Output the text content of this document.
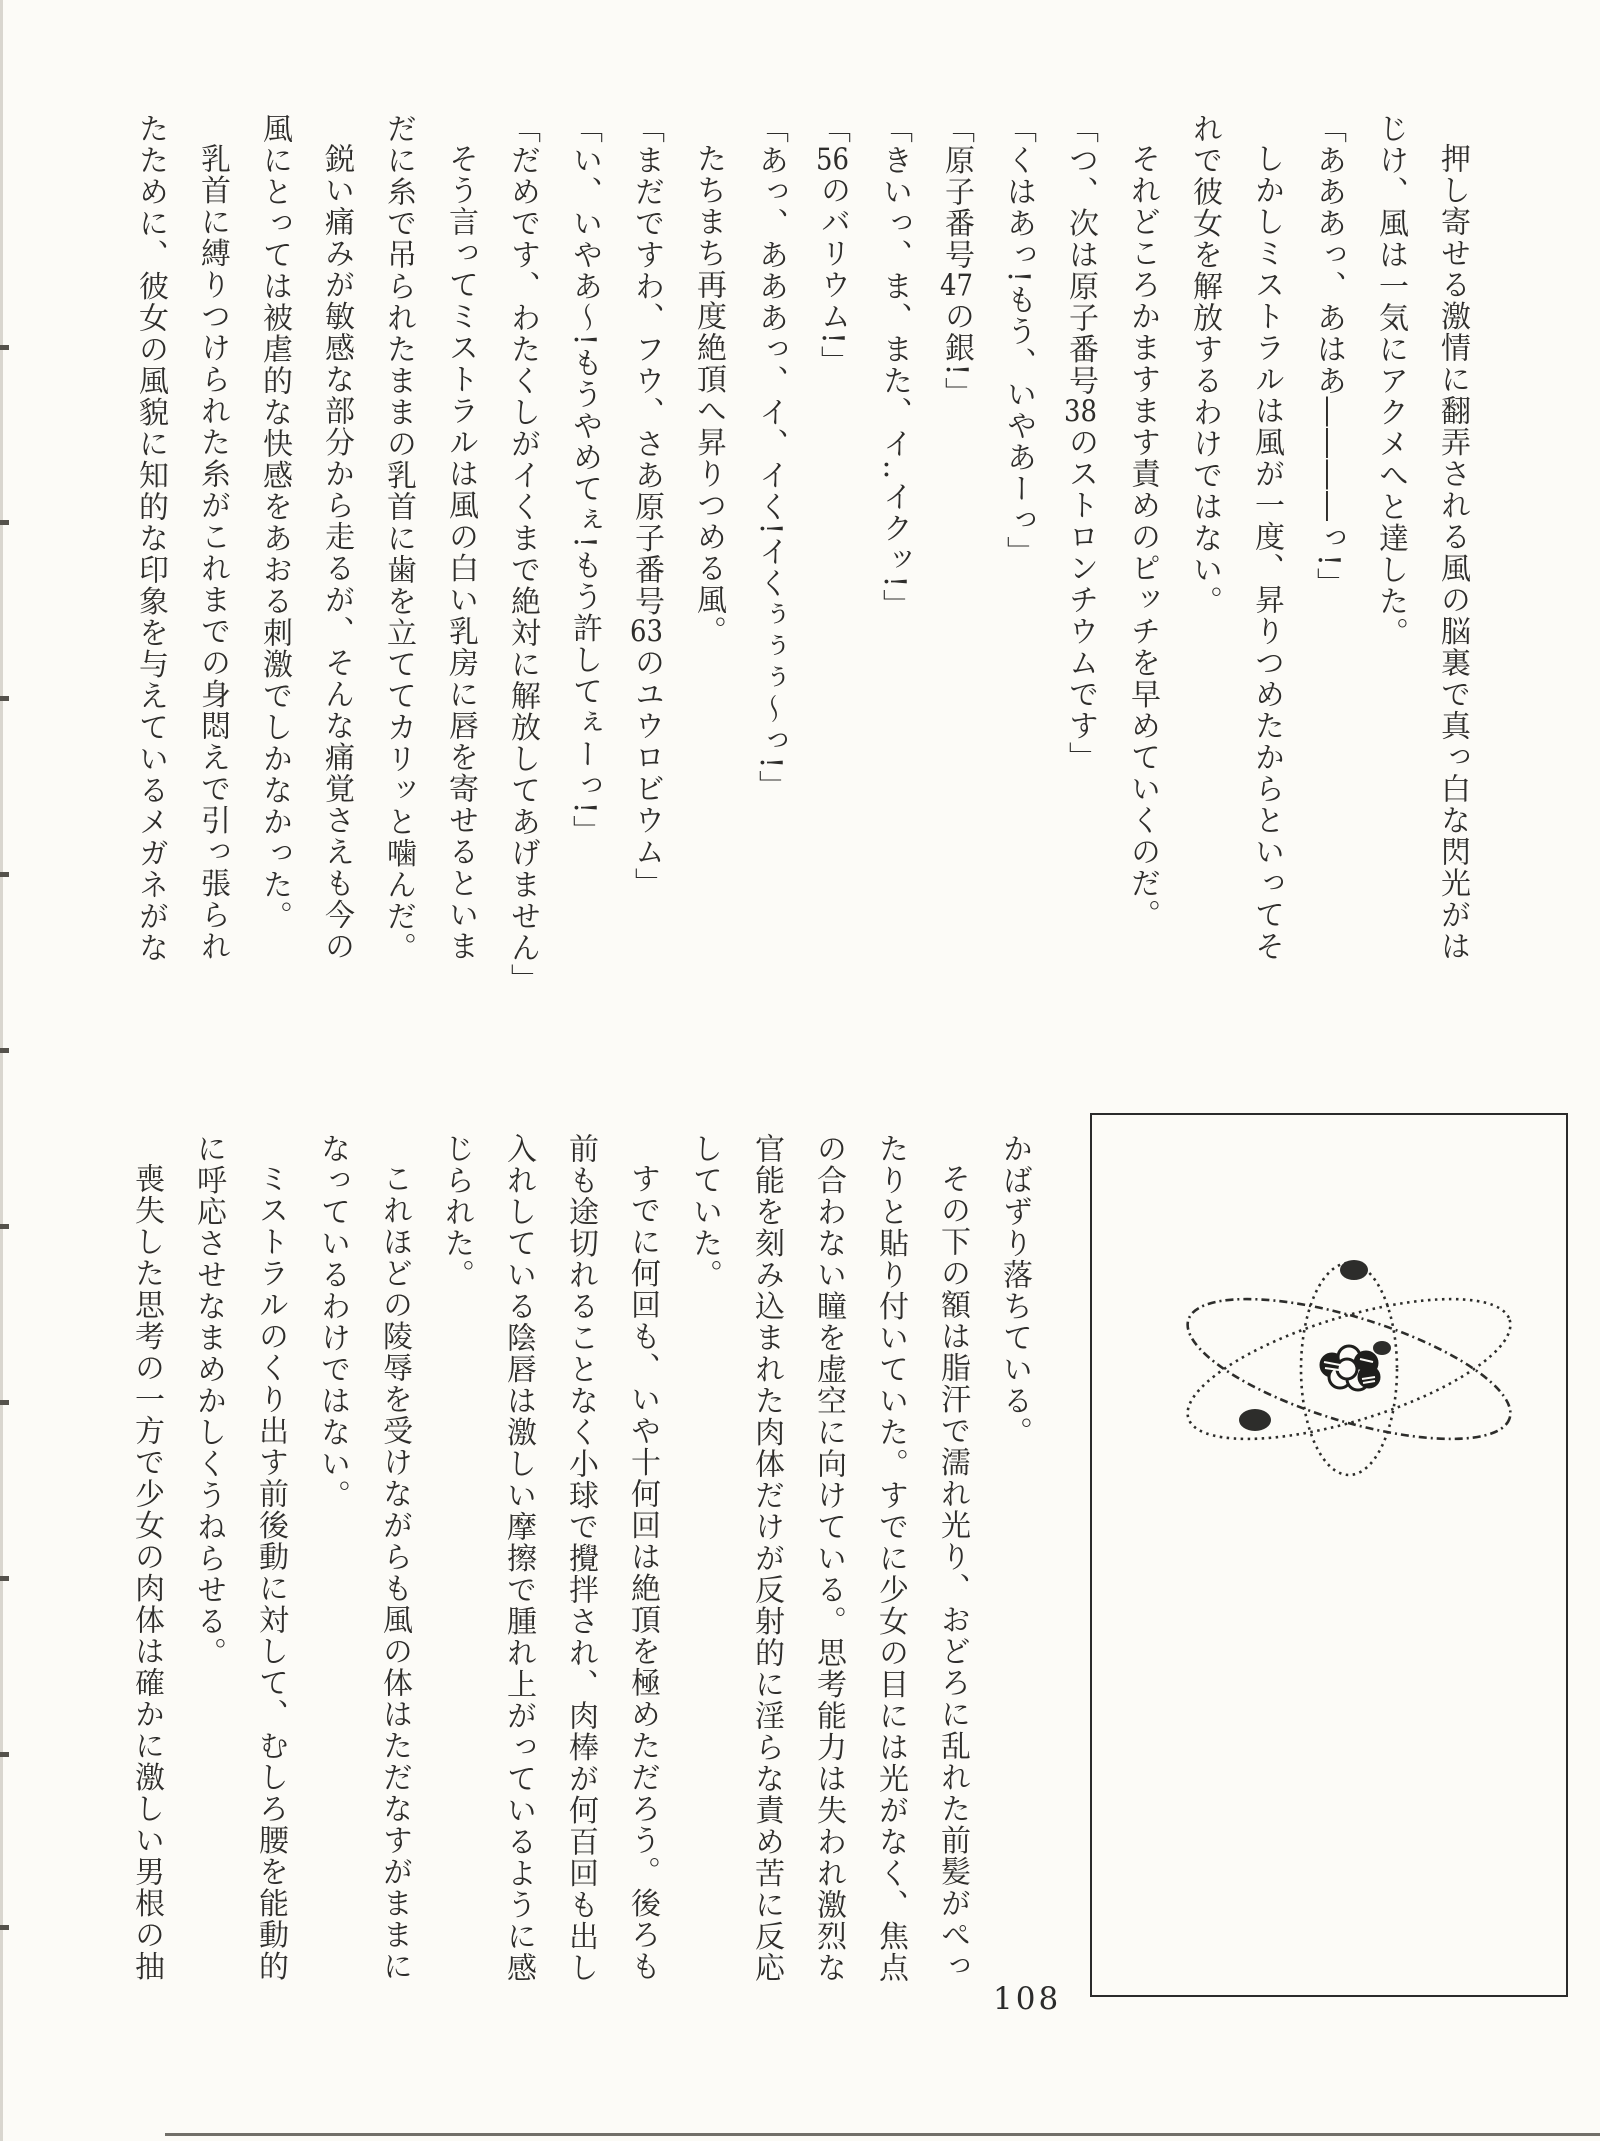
押し寄せる激情に翻弄される風の脳裏で真っ白な閃光がは

じけ、風は一気にアクメへと達した。

「あああっ、あはあ――――っ!」

しかしミストラルは風が一度、昇りつめたからといってそ

れで彼女を解放するわけではない。

それどころかますます責めのピッチを早めていくのだ。

「つ、次は原子番号38のストロンチウムです」

「くはあっ!もう、いやあーっ」

「原子番号47の銀!」

「きいっ、ま、また、イ‥イクッ!」

「56のバリウム!」

「あっ、あああっ、イ、イく!イくぅぅぅ〜っ!」

たちまち再度絶頂へ昇りつめる風。

「まだですわ、フウ、さあ原子番号63のユウロビウム」

「い、いやあ〜!もうやめてぇ!もう許してぇーっ!」

「だめです、わたくしがイくまで絶対に解放してあげません」

そう言ってミストラルは風の白い乳房に唇を寄せるといま

だに糸で吊られたままの乳首に歯を立ててカリッと噛んだ。

鋭い痛みが敏感な部分から走るが、そんな痛覚さえも今の

風にとっては被虐的な快感をあおる刺激でしかなかった。

乳首に縛りつけられた糸がこれまでの身悶えで引っ張られ

たために、彼女の風貌に知的な印象を与えているメガネがな

かばずり落ちている。

その下の額は脂汗で濡れ光り、おどろに乱れた前髪がぺっ

たりと貼り付いていた。すでに少女の目には光がなく、焦点

の合わない瞳を虚空に向けている。思考能力は失われ激烈な

官能を刻み込まれた肉体だけが反射的に淫らな責め苦に反応

していた。

すでに何回も、いや十何回は絶頂を極めただろう。後ろも

前も途切れることなく小球で攪拌され、肉棒が何百回も出し

入れしている陰唇は激しい摩擦で腫れ上がっているように感

じられた。

これほどの陵辱を受けながらも風の体はただなすがままに

なっているわけではない。

ミストラルのくり出す前後動に対して、むしろ腰を能動的

に呼応させなまめかしくうねらせる。

喪失した思考の一方で少女の肉体は確かに激しい男根の抽

108
